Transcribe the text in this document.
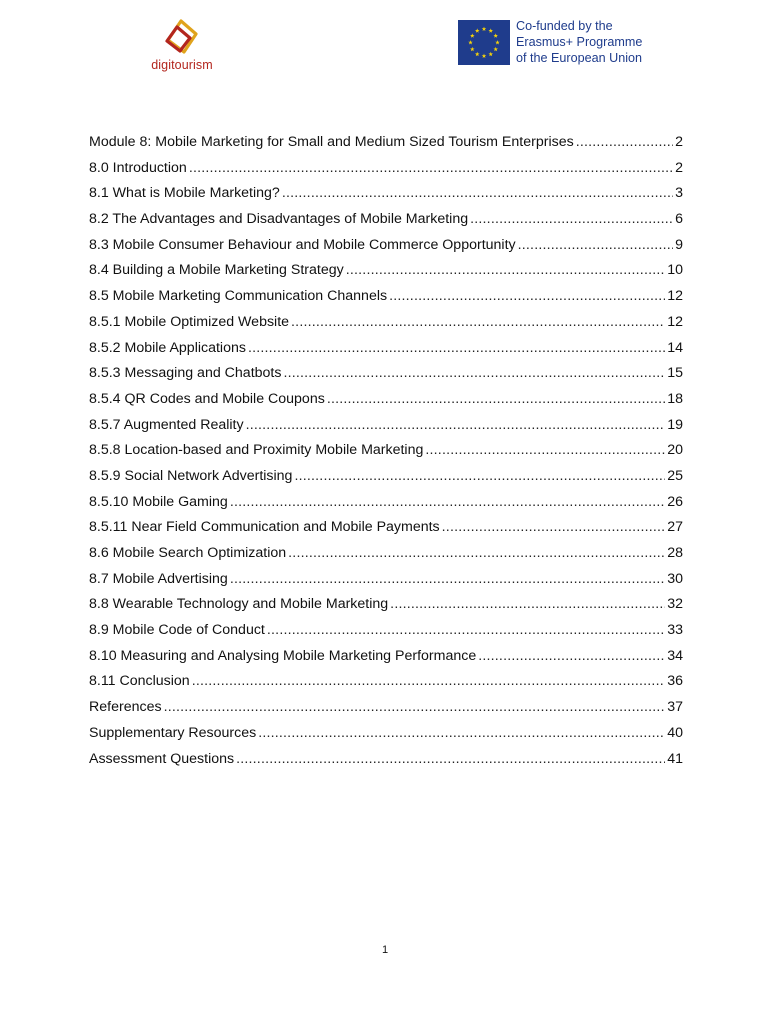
digitourism
Co-funded by the
Erasmus+ Programme
of the European Union
Module 8: Mobile Marketing for Small and Medium Sized Tourism Enterprises .....	2
8.0 Introduction .....	2
8.1 What is Mobile Marketing? .....	3
8.2 The Advantages and Disadvantages of Mobile Marketing .....	6
8.3 Mobile Consumer Behaviour and Mobile Commerce Opportunity .....	9
8.4 Building a Mobile Marketing Strategy .....	10
8.5 Mobile Marketing Communication Channels .....	12
8.5.1 Mobile Optimized Website .....	12
8.5.2 Mobile Applications .....	14
8.5.3 Messaging and Chatbots .....	15
8.5.4 QR Codes and Mobile Coupons .....	18
8.5.7 Augmented Reality .....	19
8.5.8 Location-based and Proximity Mobile Marketing .....	20
8.5.9 Social Network Advertising .....	25
8.5.10 Mobile Gaming .....	26
8.5.11 Near Field Communication and Mobile Payments .....	27
8.6 Mobile Search Optimization .....	28
8.7 Mobile Advertising .....	30
8.8 Wearable Technology and Mobile Marketing .....	32
8.9 Mobile Code of Conduct .....	33
8.10 Measuring and Analysing Mobile Marketing Performance .....	34
8.11 Conclusion .....	36
References .....	37
Supplementary Resources .....	40
Assessment Questions .....	41
1
